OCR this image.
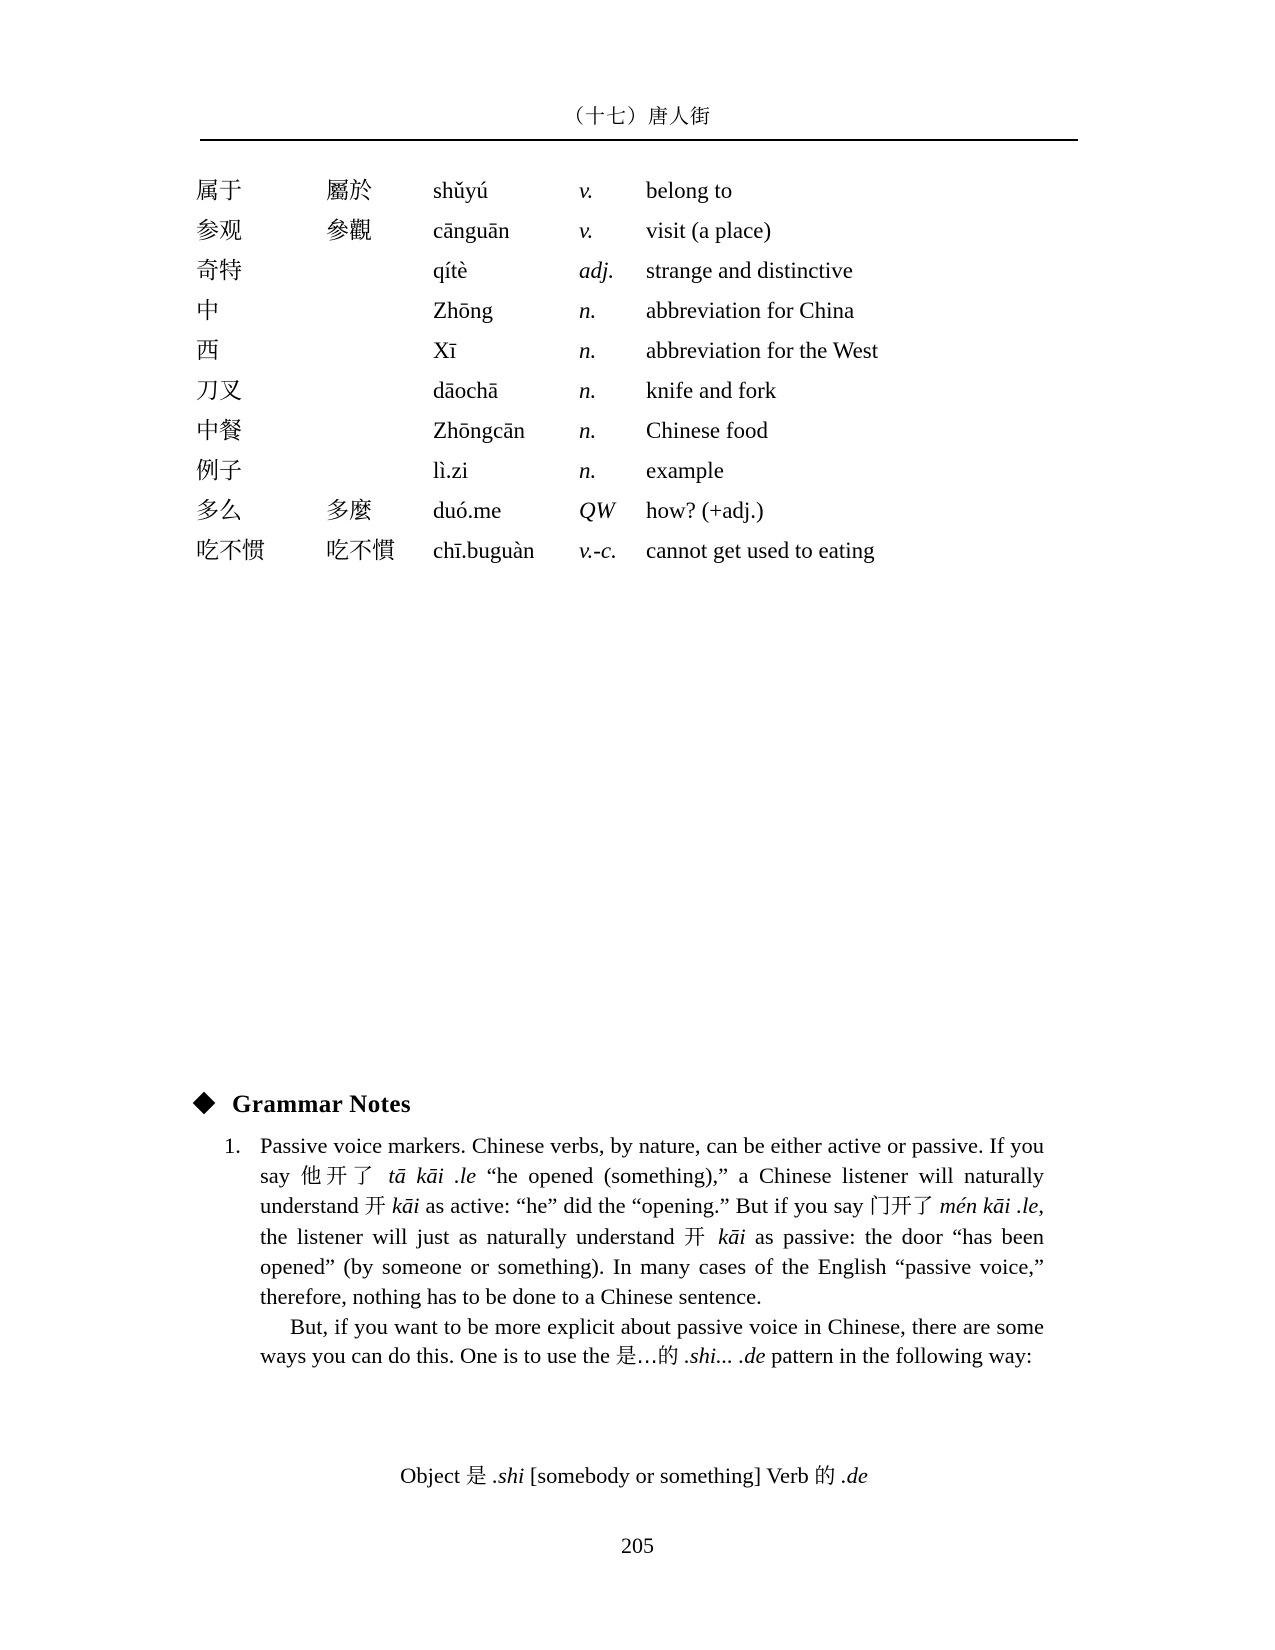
（十七）唐人街
属于	屬於	shǔyú	v.	belong to
参观	參觀	cānguān	v.	visit (a place)
奇特		qítè	adj.	strange and distinctive
中		Zhōng	n.	abbreviation for China
西		Xī	n.	abbreviation for the West
刀叉		dāochā	n.	knife and fork
中餐		Zhōngcān	n.	Chinese food
例子		lì.zi	n.	example
多么	多麼	duó.me	QW	how? (+adj.)
吃不惯	吃不慣	chī.buguàn	v.-c.	cannot get used to eating
Grammar Notes
1. Passive voice markers. Chinese verbs, by nature, can be either active or passive. If you say 他开了 tā kāi .le “he opened (something),” a Chinese listener will naturally understand 开 kāi as active: “he” did the “opening.” But if you say 门开了 mén kāi .le, the listener will just as naturally understand 开 kāi as passive: the door “has been opened” (by someone or something). In many cases of the English “passive voice,” therefore, nothing has to be done to a Chinese sentence.

But, if you want to be more explicit about passive voice in Chinese, there are some ways you can do this. One is to use the 是…的 .shi... .de pattern in the following way:

Object 是 .shi [somebody or something] Verb 的 .de
205
